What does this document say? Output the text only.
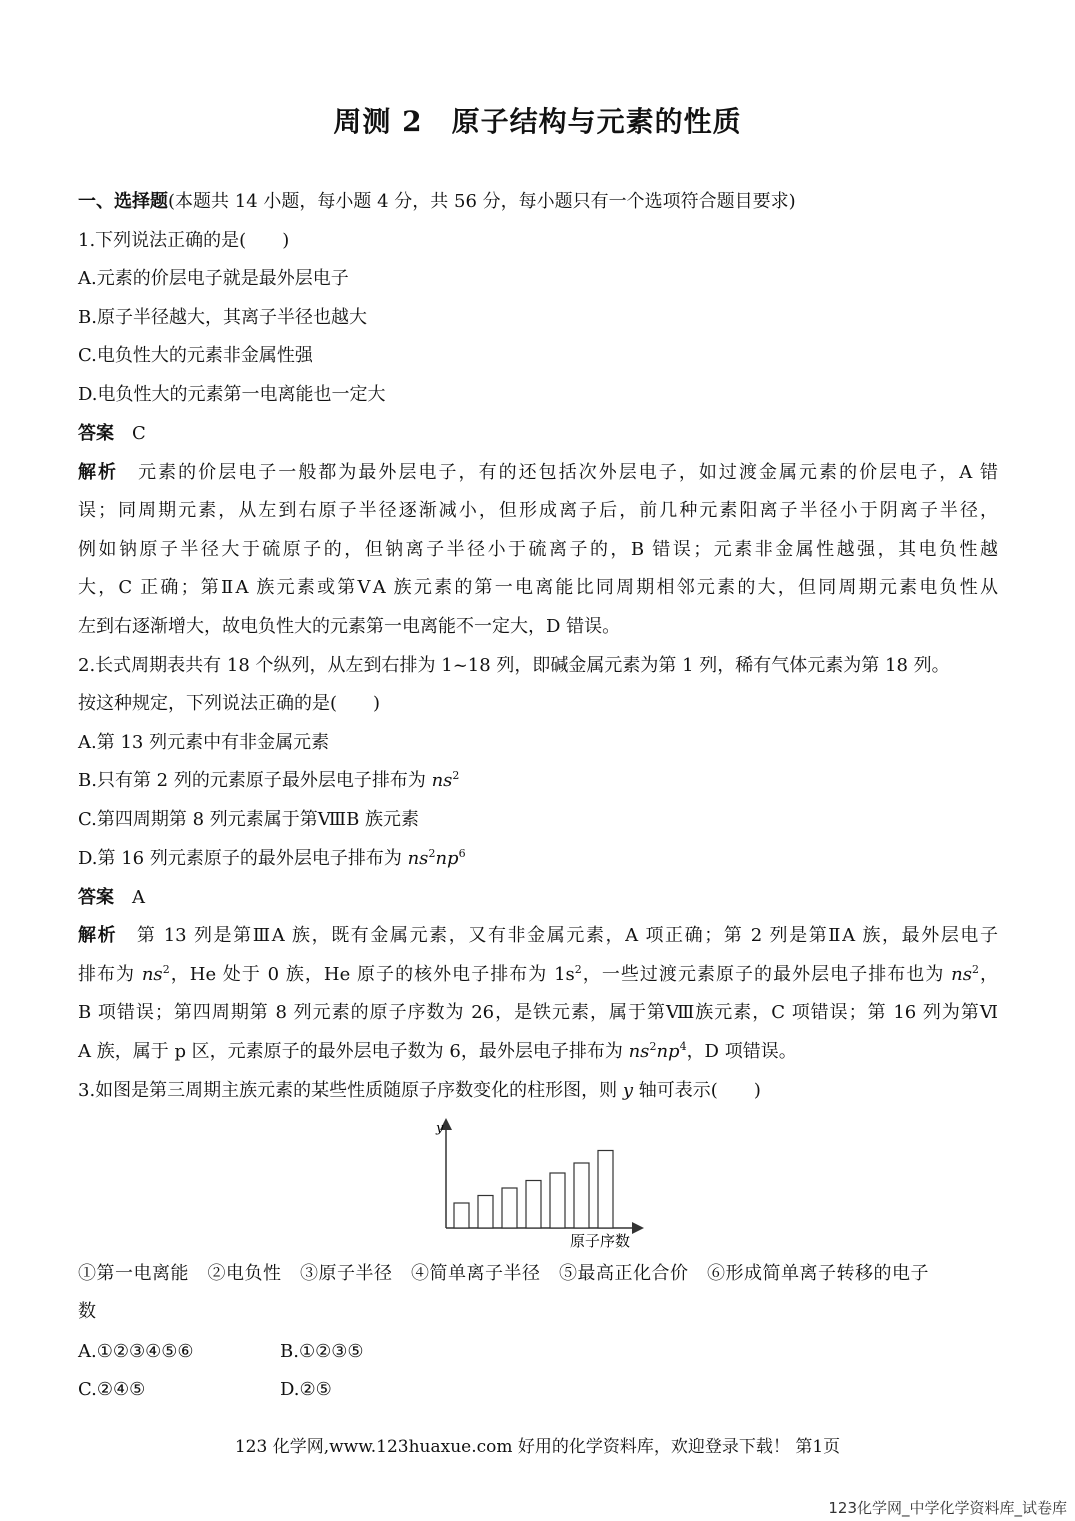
周测 2　原子结构与元素的性质
一、选择题(本题共 14 小题，每小题 4 分，共 56 分，每小题只有一个选项符合题目要求)
1.下列说法正确的是(　　)
A.元素的价层电子就是最外层电子
B.原子半径越大，其离子半径也越大
C.电负性大的元素非金属性强
D.电负性大的元素第一电离能也一定大
答案　 C
解析　 元素的价层电子一般都为最外层电子，有的还包括次外层电子，如过渡金属元素的价层电子，A 错
误；同周期元素，从左到右原子半径逐渐减小，但形成离子后，前几种元素阳离子半径小于阴离子半径，
例如钠原子半径大于硫原子的，但钠离子半径小于硫离子的，B 错误；元素非金属性越强，其电负性越
大，C 正确；第ⅡA 族元素或第ⅤA 族元素的第一电离能比同周期相邻元素的大，但同周期元素电负性从
左到右逐渐增大，故电负性大的元素第一电离能不一定大，D 错误。
2.长式周期表共有 18 个纵列，从左到右排为 1~18 列，即碱金属元素为第 1 列，稀有气体元素为第 18 列。
按这种规定，下列说法正确的是(　　)
A.第 13 列元素中有非金属元素
B.只有第 2 列的元素原子最外层电子排布为 $ns^2$
C.第四周期第 8 列元素属于第ⅧB 族元素
D.第 16 列元素原子的最外层电子排布为 $ns^2np^6$
答案　 A
解析　 第 13 列是第ⅢA 族，既有金属元素，又有非金属元素，A 项正确；第 2 列是第ⅡA 族，最外层电子
排布为 $ns^2$，He 处于 0 族，He 原子的核外电子排布为 $1s^2$，一些过渡元素原子的最外层电子排布也为 $ns^2$，
B 项错误；第四周期第 8 列元素的原子序数为 26，是铁元素，属于第Ⅷ族元素，C 项错误；第 16 列为第Ⅵ
A 族，属于 p 区，元素原子的最外层电子数为 6，最外层电子排布为 $ns^2np^4$，D 项错误。
3.如图是第三周期主族元素的某些性质随原子序数变化的柱形图，则 y 轴可表示(　　)
y
原子序数
①第一电离能　②电负性　③原子半径　④简单离子半径　⑤最高正化合价　⑥形成简单离子转移的电子
数
A.①②③④⑤⑥	B.①②③⑤
C.②④⑤	D.②⑤
123 化学网,www.123huaxue.com 好用的化学资料库，欢迎登录下载！ 第1页
123化学网_中学化学资料库_试卷库
